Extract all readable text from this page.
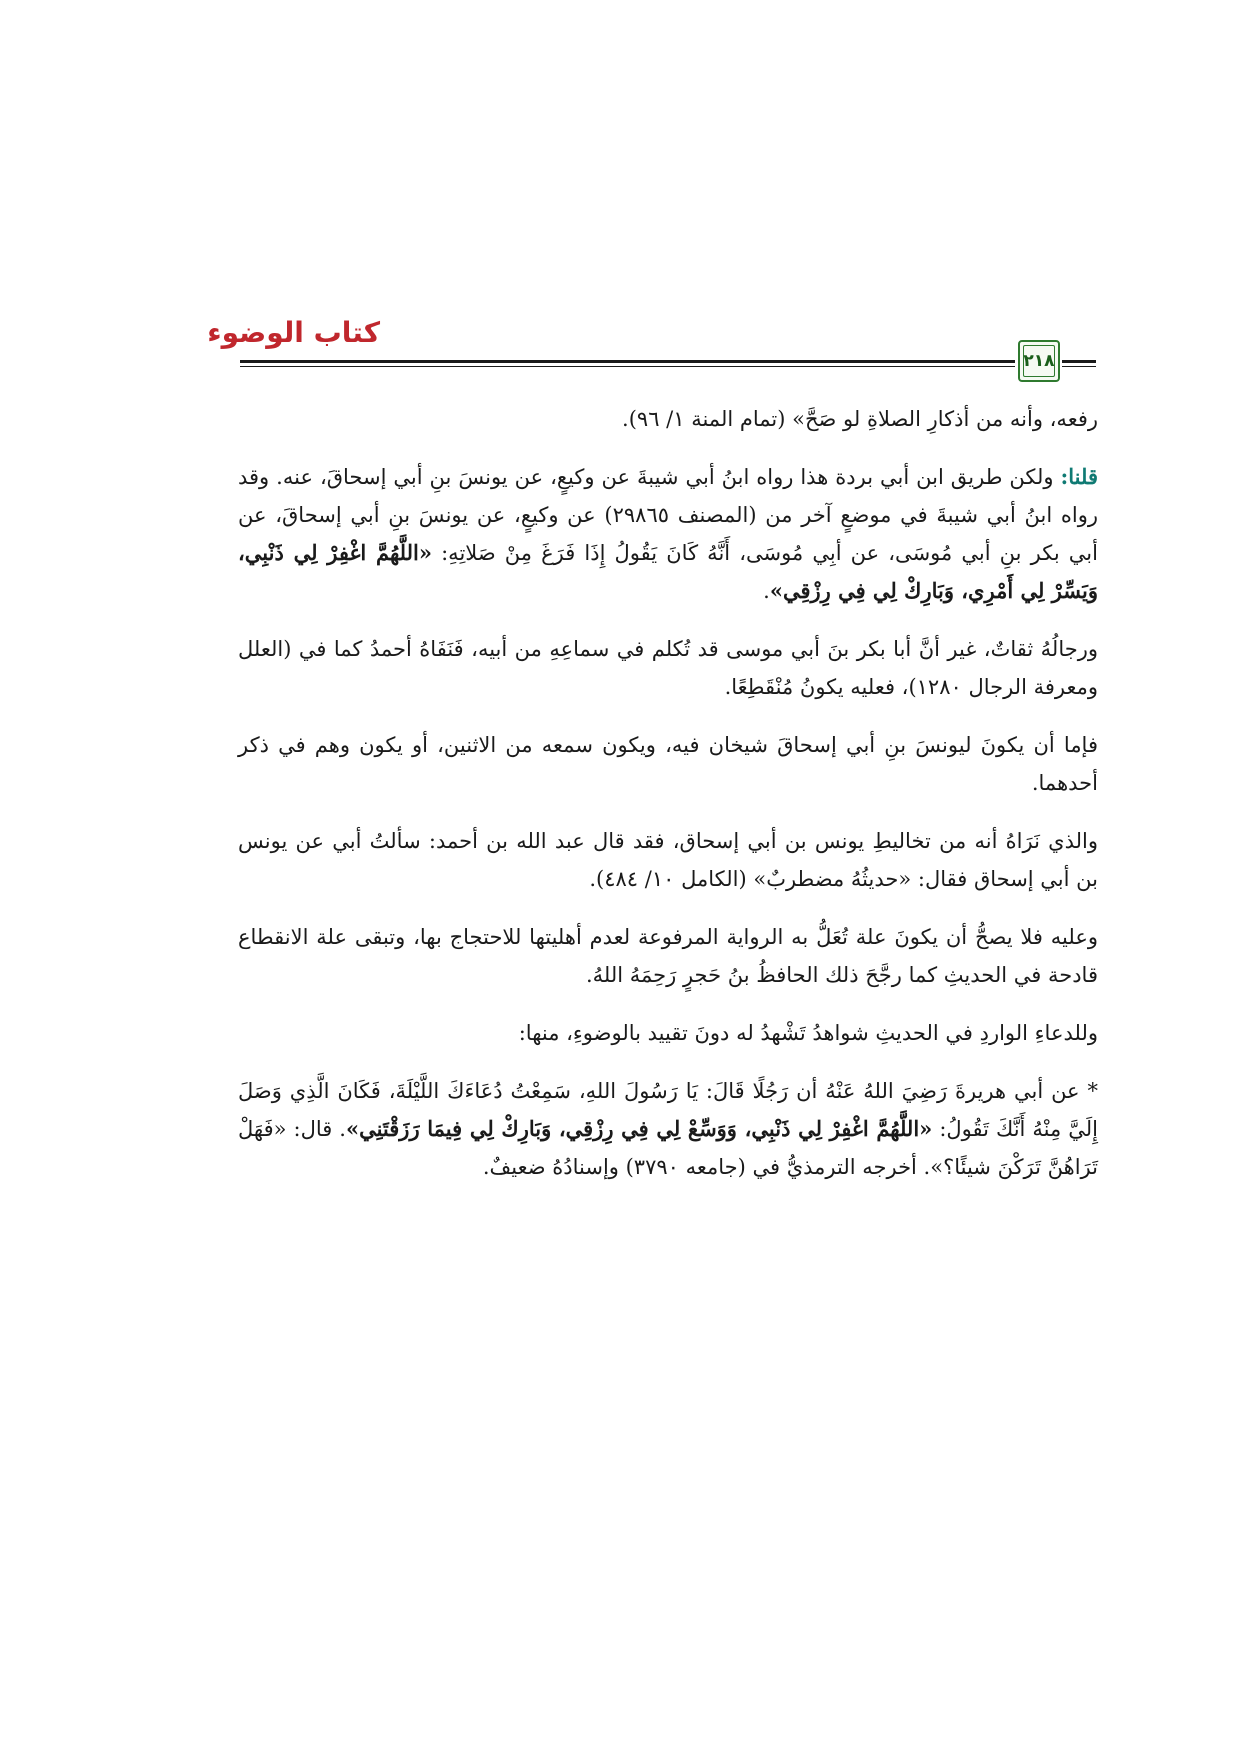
كتاب الوضوء
٢١٨

رفعه، وأنه من أذكارِ الصلاةِ لو صَحَّ» (تمام المنة ١/ ٩٦).

قلنا: ولكن طريق ابن أبي بردة هذا رواه ابنُ أبي شيبةَ عن وكيعٍ، عن يونسَ بنِ أبي إسحاقَ، عنه. وقد رواه ابنُ أبي شيبةَ في موضعٍ آخر من (المصنف ٢٩٨٦٥) عن وكيعٍ، عن يونسَ بنِ أبي إسحاقَ، عن أبي بكر بنِ أبي مُوسَى، عن أبِي مُوسَى، أَنَّهُ كَانَ يَقُولُ إِذَا فَرَغَ مِنْ صَلاتِهِ: «اللَّهُمَّ اغْفِرْ لِي ذَنْبِي، وَيَسِّرْ لِي أَمْرِي، وَبَارِكْ لِي فِي رِزْقِي».

ورجالُهُ ثقاتٌ، غير أنَّ أبا بكر بنَ أبي موسى قد تُكلم في سماعِهِ من أبيه، فَنَفَاهُ أحمدُ كما في (العلل ومعرفة الرجال ١٢٨٠)، فعليه يكونُ مُنْقَطِعًا.

فإما أن يكونَ ليونسَ بنِ أبي إسحاقَ شيخان فيه، ويكون سمعه من الاثنين، أو يكون وهم في ذكر أحدهما.

والذي نَرَاهُ أنه من تخاليطِ يونس بن أبي إسحاق، فقد قال عبد الله بن أحمد: سألتُ أبي عن يونس بن أبي إسحاق فقال: «حديثُهُ مضطربٌ» (الكامل ١٠/ ٤٨٤).

وعليه فلا يصحُّ أن يكونَ علة تُعَلُّ به الرواية المرفوعة لعدم أهليتها للاحتجاج بها، وتبقى علة الانقطاع قادحة في الحديثِ كما رجَّحَ ذلك الحافظُ بنُ حَجرٍ رَحِمَهُ اللهُ.

وللدعاءِ الواردِ في الحديثِ شواهدُ تَشْهدُ له دونَ تقييد بالوضوءِ، منها:

* عن أبي هريرةَ رَضِيَ اللهُ عَنْهُ أن رَجُلًا قَالَ: يَا رَسُولَ اللهِ، سَمِعْتُ دُعَاءَكَ اللَّيْلَةَ، فَكَانَ الَّذِي وَصَلَ إِلَيَّ مِنْهُ أَنَّكَ تَقُولُ: «اللَّهُمَّ اغْفِرْ لِي ذَنْبِي، وَوَسِّعْ لِي فِي رِزْقِي، وَبَارِكْ لِي فِيمَا رَزَقْتَنِي». قال: «فَهَلْ تَرَاهُنَّ تَرَكْنَ شيئًا؟». أخرجه الترمذيُّ في (جامعه ٣٧٩٠) وإسنادُهُ ضعيفٌ.
